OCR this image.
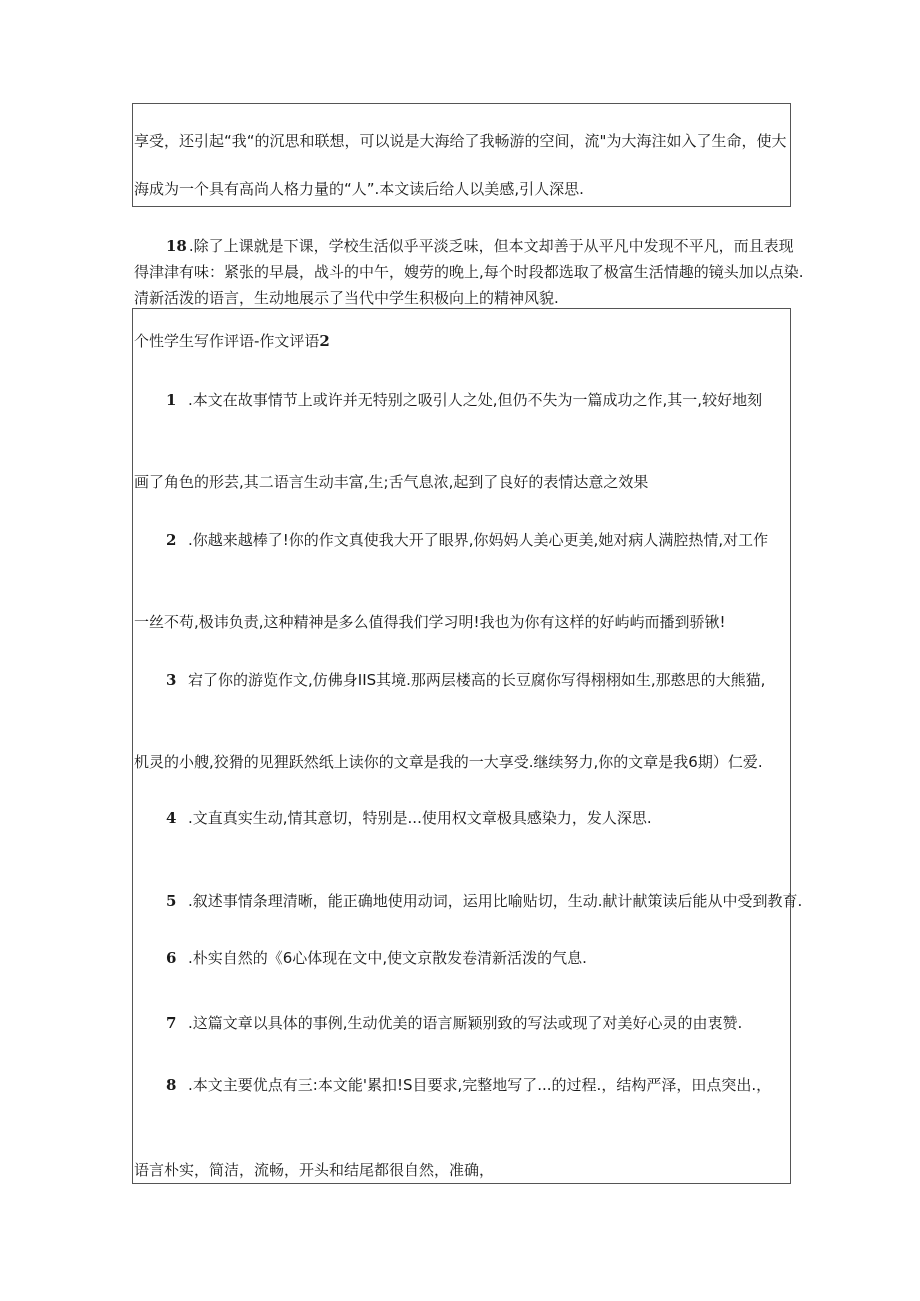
享受，还引起“我“的沉思和联想，可以说是大海给了我畅游的空间，流"为大海注如入了生命，使大
海成为一个具有高尚人格力量的“人”.本文读后给人以美感,引人深思.
18 .除了上课就是下课，学校生活似乎平淡乏味，但本文却善于从平凡中发现不平凡，而且表现
得津津有味：紧张的早晨，战斗的中午，嫂劳的晚上,每个时段都选取了极富生活情趣的镜头加以点染.
清新活泼的语言，生动地展示了当代中学生积极向上的精神风貌.
个性学生写作评语-作文评语2
1 .本文在故事情节上或许并无特别之吸引人之处,但仍不失为一篇成功之作,其一,较好地刻
画了角色的形芸,其二语言生动丰富,生;舌气息浓,起到了良好的表情达意之效果
2 .你越来越棒了!你的作文真使我大开了眼界,你妈妈人美心更美,她对病人满腔热情,对工作
一丝不苟,极讳负责,这种精神是多么值得我们学习明!我也为你有这样的好屿屿而播到骄锹!
3 宕了你的游览作文,仿佛身IIS其境.那两层楼高的长豆腐你写得栩栩如生,那憨思的大熊猫,
机灵的小艘,狡猾的见狸跃然纸上读你的文章是我的一大享受.继续努力,你的文章是我6期）仁爱.
4 .文直真实生动,情其意切，特别是...使用权文章极具感染力，发人深思.
5 .叙述事情条理清晰，能正确地使用动词，运用比喻贴切，生动.献计献策读后能从中受到教育.
6 .朴实自然的《6心体现在文中,使文京散发卷清新活泼的气息.
7 .这篇文章以具体的事例,生动优美的语言厮颖别致的写法或现了对美好心灵的由衷赞.
8 .本文主要优点有三:本文能'累扣!S目要求,完整地写了...的过程.，结构严泽，田点突出.，
语言朴实，简洁，流畅，开头和结尾都很自然，准确，
